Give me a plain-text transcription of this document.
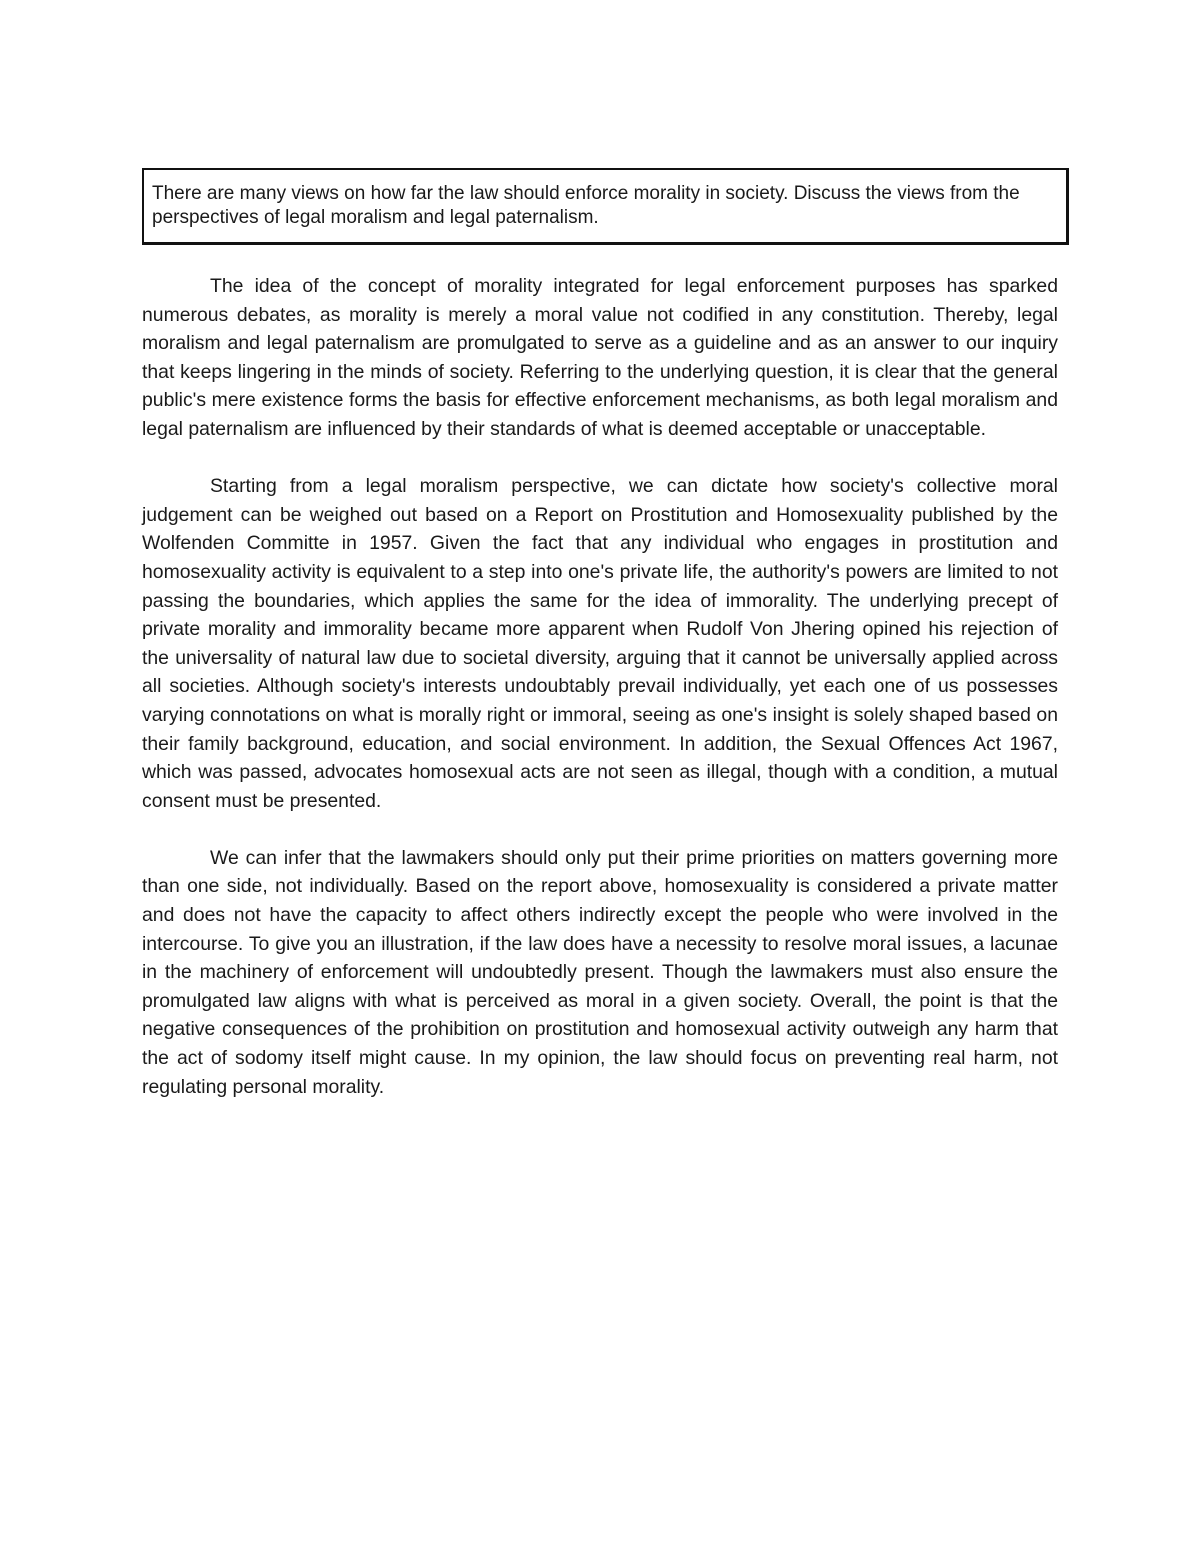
There are many views on how far the law should enforce morality in society. Discuss the views from the perspectives of legal moralism and legal paternalism.

The idea of the concept of morality integrated for legal enforcement purposes has sparked numerous debates, as morality is merely a moral value not codified in any constitution. Thereby, legal moralism and legal paternalism are promulgated to serve as a guideline and as an answer to our inquiry that keeps lingering in the minds of society. Referring to the underlying question, it is clear that the general public's mere existence forms the basis for effective enforcement mechanisms, as both legal moralism and legal paternalism are influenced by their standards of what is deemed acceptable or unacceptable.

Starting from a legal moralism perspective, we can dictate how society's collective moral judgement can be weighed out based on a Report on Prostitution and Homosexuality published by the Wolfenden Committe in 1957. Given the fact that any individual who engages in prostitution and homosexuality activity is equivalent to a step into one's private life, the authority's powers are limited to not passing the boundaries, which applies the same for the idea of immorality. The underlying precept of private morality and immorality became more apparent when Rudolf Von Jhering opined his rejection of the universality of natural law due to societal diversity, arguing that it cannot be universally applied across all societies. Although society's interests undoubtably prevail individually, yet each one of us possesses varying connotations on what is morally right or immoral, seeing as one's insight is solely shaped based on their family background, education, and social environment. In addition, the Sexual Offences Act 1967, which was passed, advocates homosexual acts are not seen as illegal, though with a condition, a mutual consent must be presented.

We can infer that the lawmakers should only put their prime priorities on matters governing more than one side, not individually. Based on the report above, homosexuality is considered a private matter and does not have the capacity to affect others indirectly except the people who were involved in the intercourse. To give you an illustration, if the law does have a necessity to resolve moral issues, a lacunae in the machinery of enforcement will undoubtedly present. Though the lawmakers must also ensure the promulgated law aligns with what is perceived as moral in a given society. Overall, the point is that the negative consequences of the prohibition on prostitution and homosexual activity outweigh any harm that the act of sodomy itself might cause. In my opinion, the law should focus on preventing real harm, not regulating personal morality.
